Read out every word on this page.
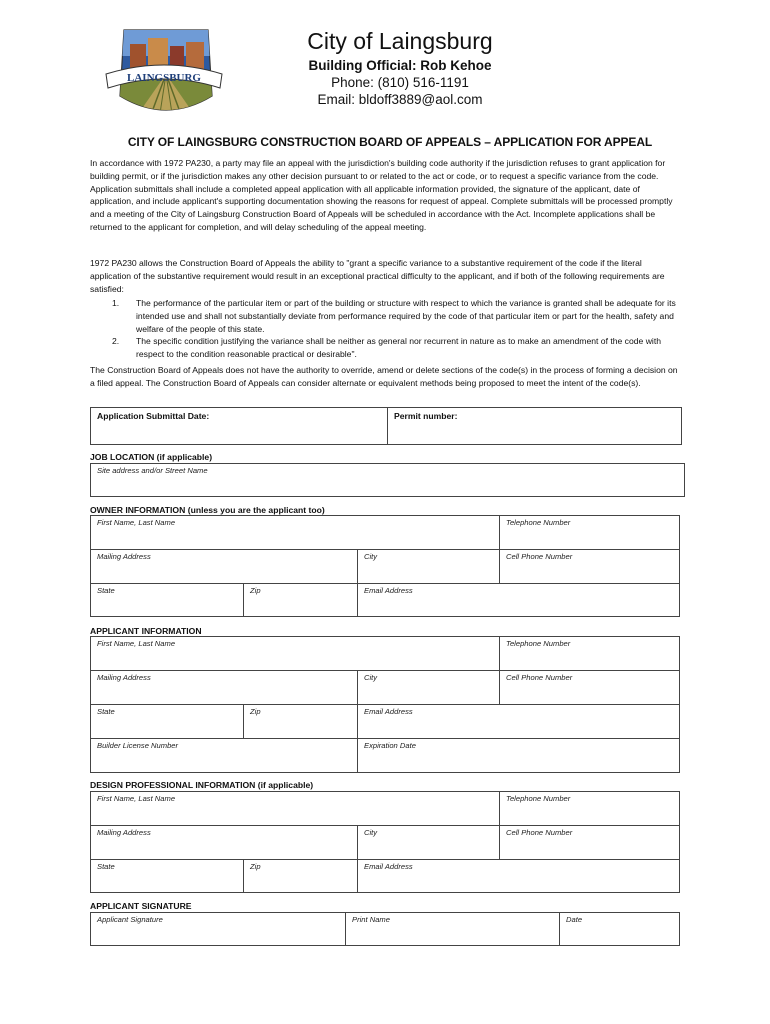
LAINGSBURG
City of Laingsburg

Building Official: Rob Kehoe

Phone: (810) 516-1191

Email: bldoff3889@aol.com

CITY OF LAINGSBURG CONSTRUCTION BOARD OF APPEALS – APPLICATION FOR APPEAL

In accordance with 1972 PA230, a party may file an appeal with the jurisdiction's building code authority if the jurisdiction refuses to grant application for building permit, or if the jurisdiction makes any other decision pursuant to or related to the act or code, or to request a specific variance from the code. Application submittals shall include a completed appeal application with all applicable information provided, the signature of the applicant, date of application, and include applicant's supporting documentation showing the reasons for request of appeal. Complete submittals will be processed promptly and a meeting of the City of Laingsburg Construction Board of Appeals will be scheduled in accordance with the Act. Incomplete applications shall be returned to the applicant for completion, and will delay scheduling of the appeal meeting.

1972 PA230 allows the Construction Board of Appeals the ability to "grant a specific variance to a substantive requirement of the code if the literal application of the substantive requirement would result in an exceptional practical difficulty to the applicant, and if both of the following requirements are satisfied:

1.	The performance of the particular item or part of the building or structure with respect to which the variance is granted shall be adequate for its intended use and shall not substantially deviate from performance required by the code of that particular item or part for the health, safety and welfare of the people of this state.
2.	The specific condition justifying the variance shall be neither as general nor recurrent in nature as to make an amendment of the code with respect to the condition reasonable practical or desirable".

The Construction Board of Appeals does not have the authority to override, amend or delete sections of the code(s) in the process of forming a decision on a filed appeal. The Construction Board of Appeals can consider alternate or equivalent methods being proposed to meet the intent of the code(s).

Application Submittal Date:	Permit number:

JOB LOCATION (if applicable)

Site address and/or Street Name

OWNER INFORMATION (unless you are the applicant too)

First Name, Last Name	Telephone Number
Mailing Address	City	Cell Phone Number
State	Zip	Email Address

APPLICANT INFORMATION

First Name, Last Name	Telephone Number
Mailing Address	City	Cell Phone Number
State	Zip	Email Address
Builder License Number	Expiration Date

DESIGN PROFESSIONAL INFORMATION (if applicable)

First Name, Last Name	Telephone Number
Mailing Address	City	Cell Phone Number
State	Zip	Email Address

APPLICANT SIGNATURE

Applicant Signature	Print Name	Date
